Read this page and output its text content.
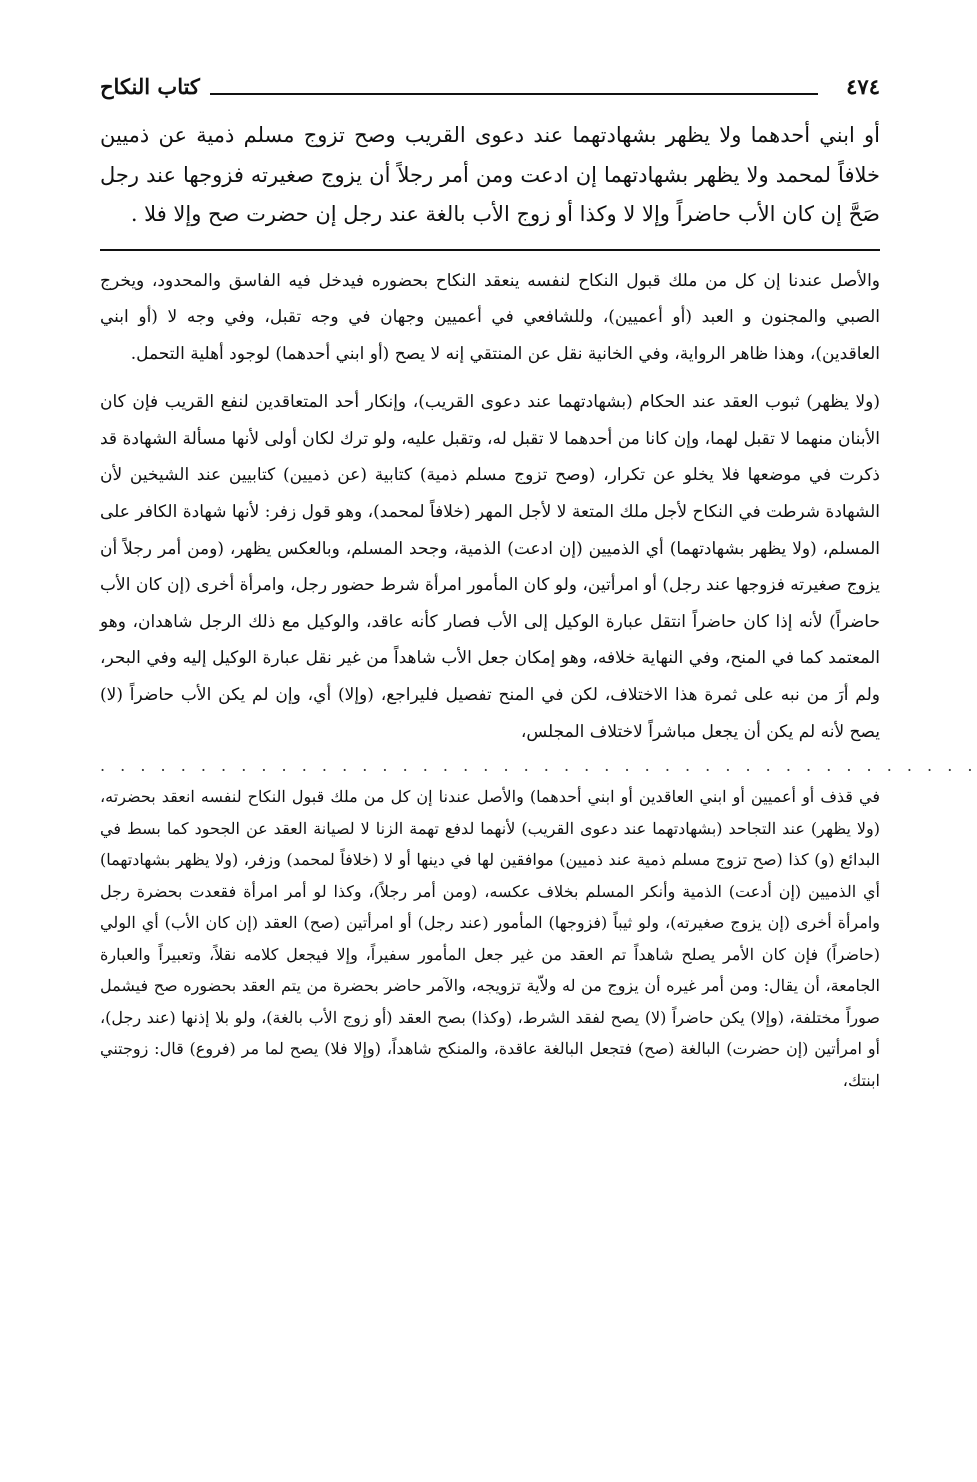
٤٧٤
كتاب النكاح

أو ابني أحدهما ولا يظهر بشهادتهما عند دعوى القريب وصح تزوج مسلم ذمية عن ذميين خلافاً لمحمد ولا يظهر بشهادتهما إن ادعت ومن أمر رجلاً أن يزوج صغيرته فزوجها عند رجل صَحَّ إن كان الأب حاضراً وإلا لا وكذا أو زوج الأب بالغة عند رجل إن حضرت صح وإلا فلا .

والأصل عندنا إن كل من ملك قبول النكاح لنفسه ينعقد النكاح بحضوره فيدخل فيه الفاسق والمحدود، ويخرج الصبي والمجنون و العبد (أو أعميين)، وللشافعي في أعميين وجهان في وجه تقبل، وفي وجه لا (أو ابني العاقدين)، وهذا ظاهر الرواية، وفي الخانية نقل عن المنتقي إنه لا يصح (أو ابني أحدهما) لوجود أهلية التحمل.

(ولا يظهر) ثبوب العقد عند الحكام (بشهادتهما عند دعوى القريب)، وإنكار أحد المتعاقدين لنفع القريب فإن كان الأبنان منهما لا تقبل لهما، وإن كانا من أحدهما لا تقبل له، وتقبل عليه، ولو ترك لكان أولى لأنها مسألة الشهادة قد ذكرت في موضعها فلا يخلو عن تكرار، (وصح تزوج مسلم ذمية) كتابية (عن ذميين) كتابيين عند الشيخين لأن الشهادة شرطت في النكاح لأجل ملك المتعة لا لأجل المهر (خلافاً لمحمد)، وهو قول زفر: لأنها شهادة الكافر على المسلم، (ولا يظهر بشهادتهما) أي الذميين (إن ادعت) الذمية، وجحد المسلم، وبالعكس يظهر، (ومن أمر رجلاً أن يزوج صغيرته فزوجها عند رجل) أو امرأتين، ولو كان المأمور امرأة شرط حضور رجل، وامرأة أخرى (إن كان الأب حاضراً) لأنه إذا كان حاضراً انتقل عبارة الوكيل إلى الأب فصار كأنه عاقد، والوكيل مع ذلك الرجل شاهدان، وهو المعتمد كما في المنح، وفي النهاية خلافه، وهو إمكان جعل الأب شاهداً من غير نقل عبارة الوكيل إليه وفي البحر، ولم أرَ من نبه على ثمرة هذا الاختلاف، لكن في المنح تفصيل فليراجع، (وإلا) أي، وإن لم يكن الأب حاضراً (لا) يصح لأنه لم يكن أن يجعل مباشراً لاختلاف المجلس،

. . . . . . . . . . . . . . . . . . . . . . . . . . . . . . . . . . . . . . . . . . . .

في قذف أو أعميين أو ابني العاقدين أو ابني أحدهما) والأصل عندنا إن كل من ملك قبول النكاح لنفسه انعقد بحضرته، (ولا يظهر) عند التجاحد (بشهادتهما عند دعوى القريب) لأنهما لدفع تهمة الزنا لا لصيانة العقد عن الجحود كما بسط في البدائع (و) كذا (صح تزوج مسلم ذمية عند ذميين) موافقين لها في دينها أو لا (خلافاً لمحمد) وزفر، (ولا يظهر بشهادتهما) أي الذميين (إن أدعت) الذمية وأنكر المسلم بخلاف عكسه، (ومن أمر رجلاً)، وكذا لو أمر امرأة فقعدت بحضرة رجل وامرأة أخرى (إن يزوج صغيرته)، ولو ثيباً (فزوجها) المأمور (عند رجل) أو امرأتين (صح) العقد (إن كان الأب) أي الولي (حاضراً) فإن كان الأمر يصلح شاهداً تم العقد من غير جعل المأمور سفيراً، وإلا فيجعل كلامه نقلاً، وتعبيراً والعبارة الجامعة، أن يقال: ومن أمر غيره أن يزوج من له ولاّية تزويجه، والآمر حاضر بحضرة من يتم العقد بحضوره صح فيشمل صوراً مختلفة، (وإلا) يكن حاضراً (لا) يصح لفقد الشرط، (وكذا) بصح العقد (أو زوج الأب بالغة)، ولو بلا إذنها (عند رجل)، أو امرأتين (إن حضرت) البالغة (صح) فتجعل البالغة عاقدة، والمنكح شاهداً، (وإلا فلا) يصح لما مر (فروع) قال: زوجتني ابنتك،
